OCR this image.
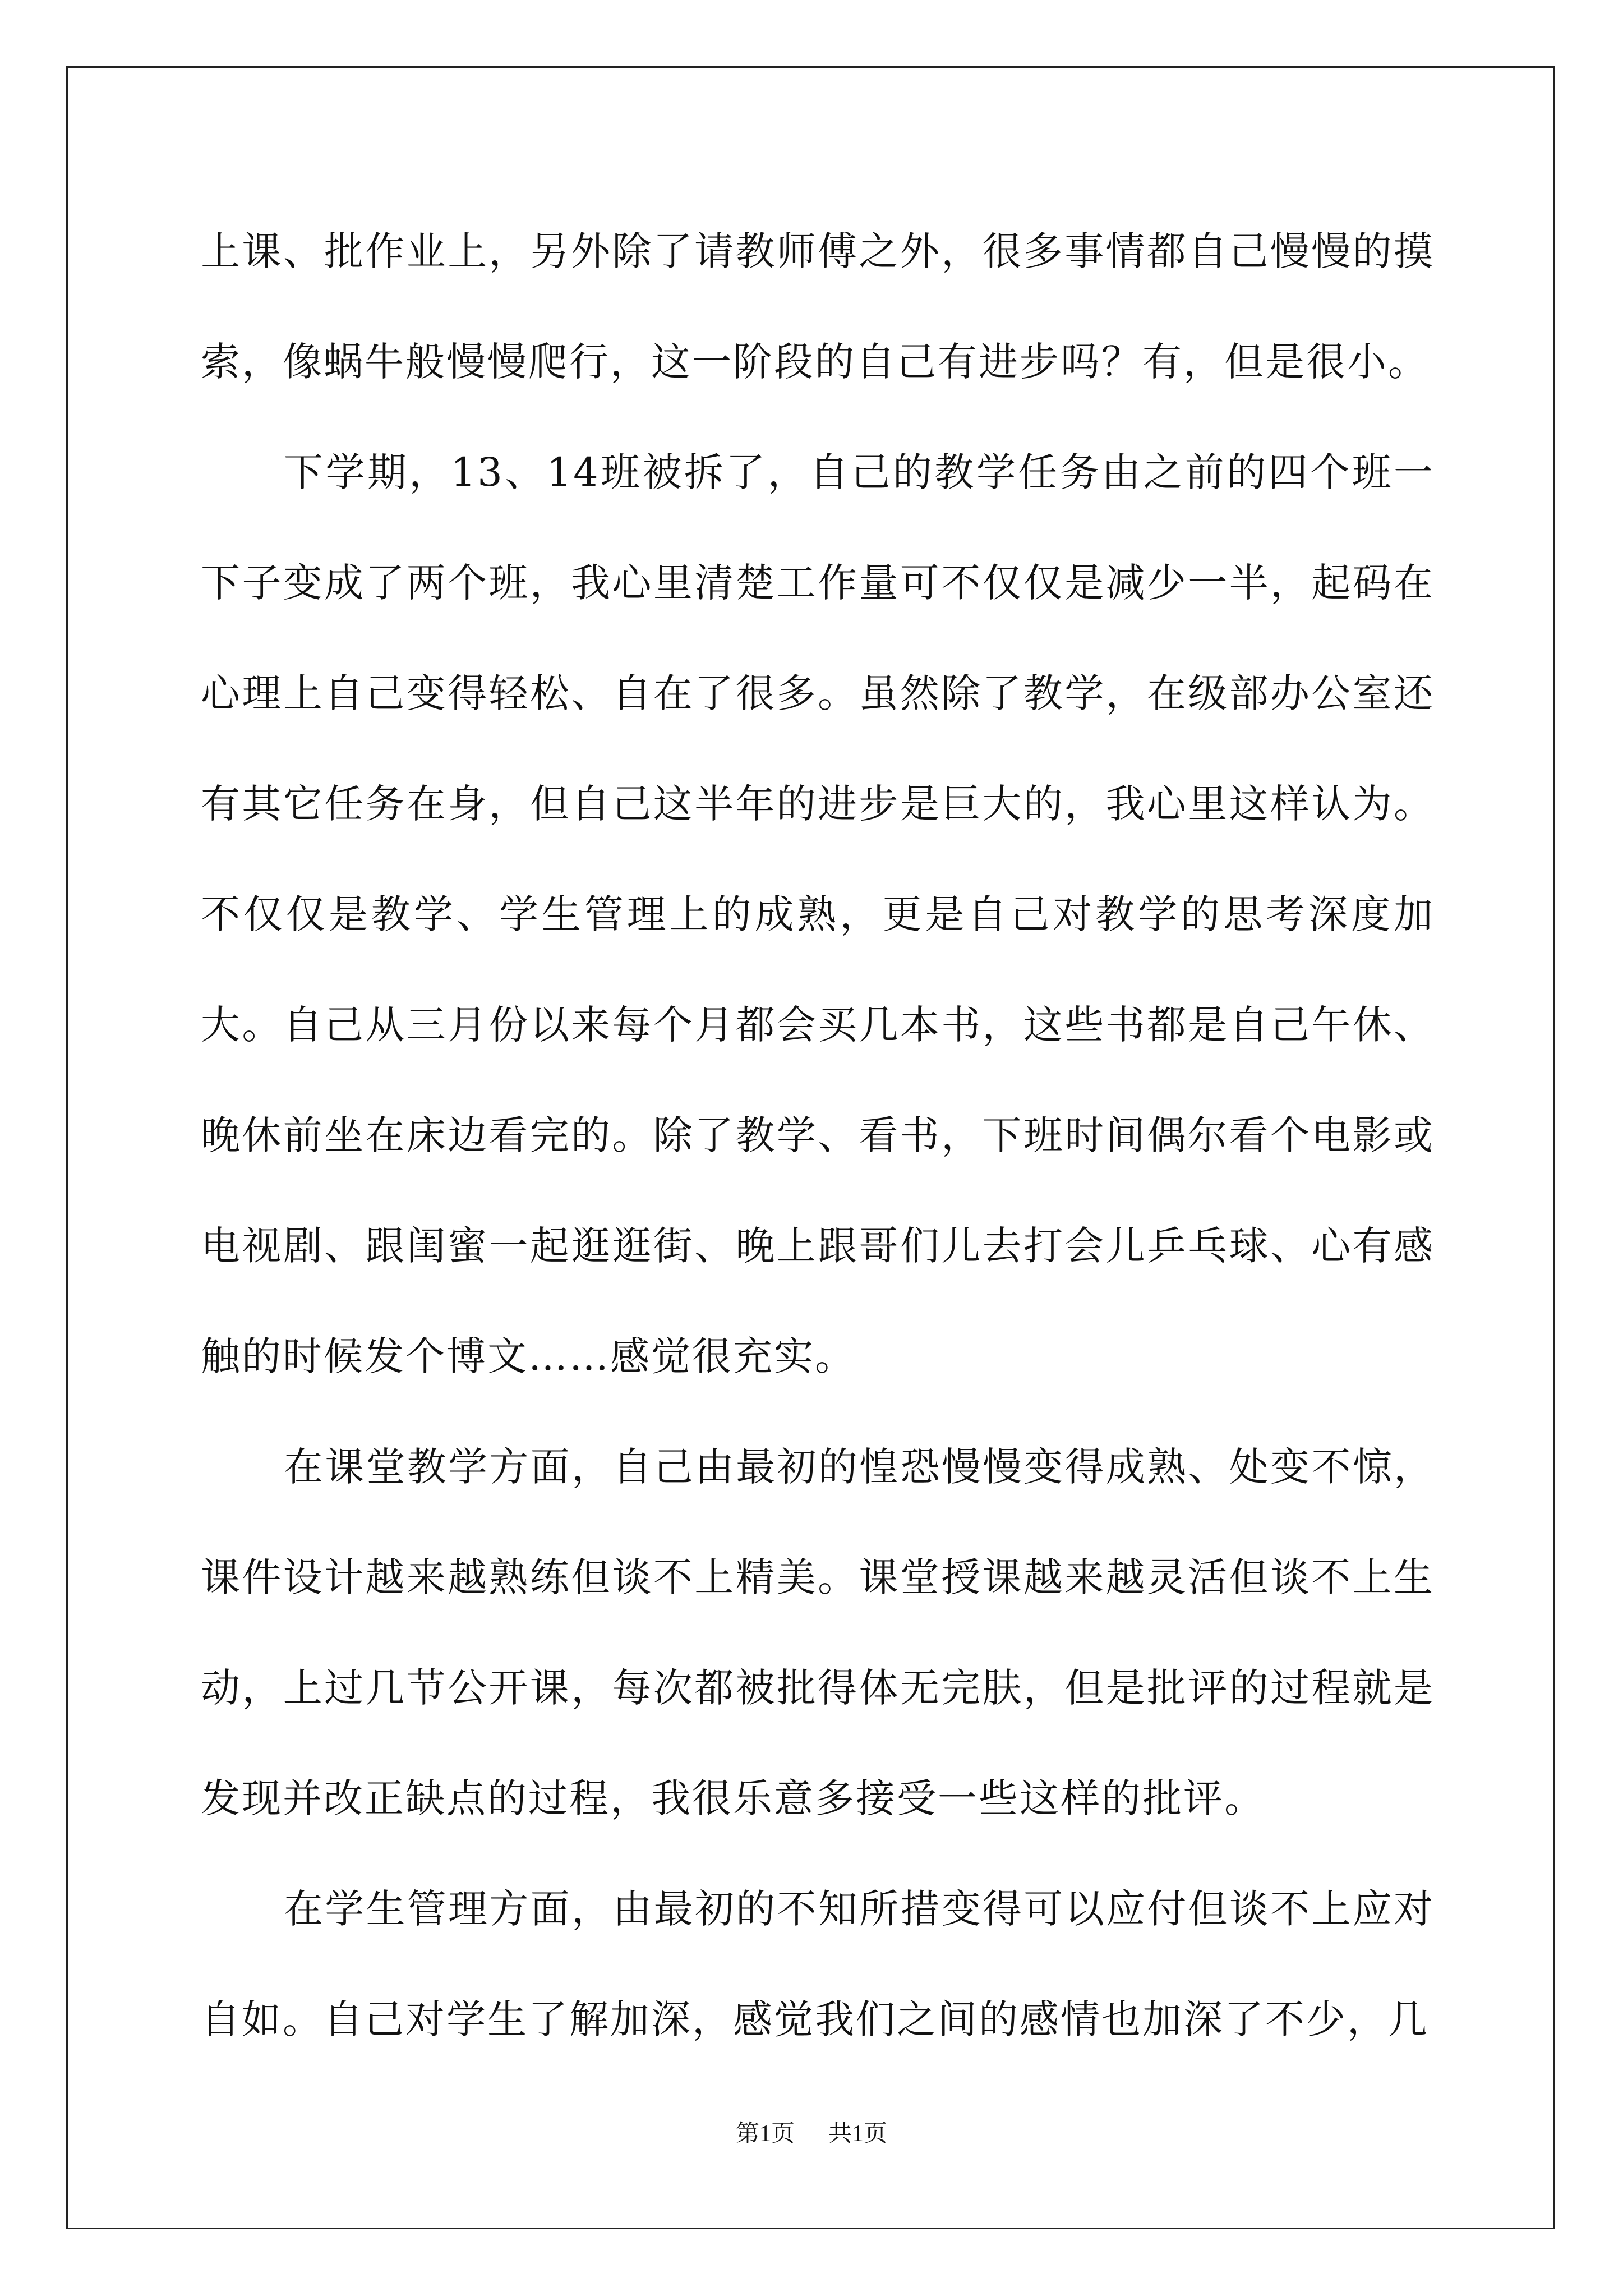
上课、批作业上，另外除了请教师傅之外，很多事情都自己慢慢的摸索，像蜗牛般慢慢爬行，这一阶段的自己有进步吗？有，但是很小。

下学期，13、14班被拆了，自己的教学任务由之前的四个班一下子变成了两个班，我心里清楚工作量可不仅仅是减少一半，起码在心理上自己变得轻松、自在了很多。虽然除了教学，在级部办公室还有其它任务在身，但自己这半年的进步是巨大的，我心里这样认为。不仅仅是教学、学生管理上的成熟，更是自己对教学的思考深度加大。自己从三月份以来每个月都会买几本书，这些书都是自己午休、晚休前坐在床边看完的。除了教学、看书，下班时间偶尔看个电影或电视剧、跟闺蜜一起逛逛街、晚上跟哥们儿去打会儿乒乓球、心有感触的时候发个博文……感觉很充实。

在课堂教学方面，自己由最初的惶恐慢慢变得成熟、处变不惊，课件设计越来越熟练但谈不上精美。课堂授课越来越灵活但谈不上生动，上过几节公开课，每次都被批得体无完肤，但是批评的过程就是发现并改正缺点的过程，我很乐意多接受一些这样的批评。

在学生管理方面，由最初的不知所措变得可以应付但谈不上应对自如。自己对学生了解加深，感觉我们之间的感情也加深了不少，几

第1页 共1页
